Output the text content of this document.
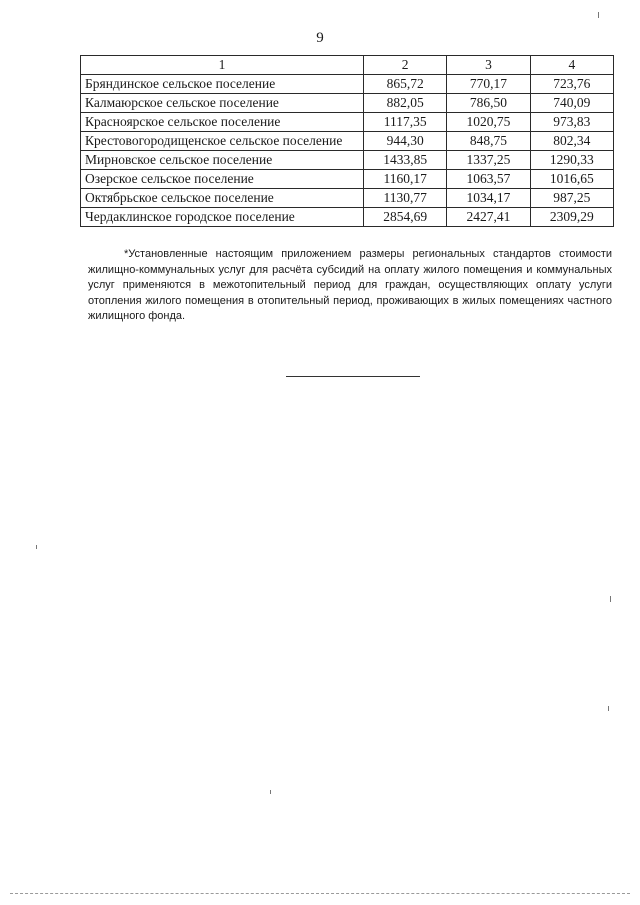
9
1	2	3	4
Бряндинское сельское поселение	865,72	770,17	723,76
Калмаюрское сельское поселение	882,05	786,50	740,09
Красноярское сельское поселение	1117,35	1020,75	973,83
Крестовогородищенское сельское поселение	944,30	848,75	802,34
Мирновское сельское поселение	1433,85	1337,25	1290,33
Озерское сельское поселение	1160,17	1063,57	1016,65
Октябрьское сельское поселение	1130,77	1034,17	987,25
Чердаклинское городское поселение	2854,69	2427,41	2309,29

*Установленные настоящим приложением размеры региональных стандартов стоимости жилищно-коммунальных услуг для расчёта субсидий на оплату жилого помещения и коммунальных услуг применяются в межотопительный период для граждан, осуществляющих оплату услуги отопления жилого помещения в отопительный период, проживающих в жилых помещениях частного жилищного фонда.
